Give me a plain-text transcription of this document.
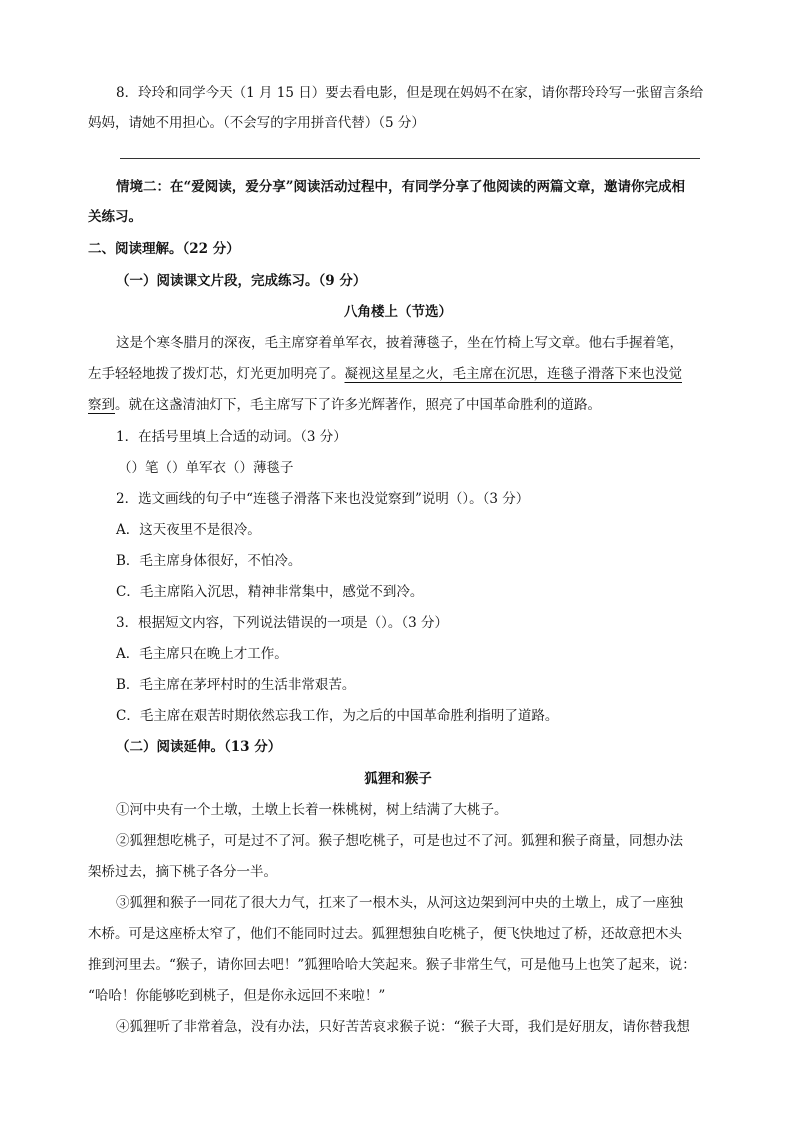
8．玲玲和同学今天（1 月 15 日）要去看电影，但是现在妈妈不在家，请你帮玲玲写一张留言条给
妈妈，请她不用担心。（不会写的字用拼音代替）（5 分）
情境二：在“爱阅读，爱分享”阅读活动过程中，有同学分享了他阅读的两篇文章，邀请你完成相
关练习。
二、阅读理解。（22 分）
（一）阅读课文片段，完成练习。（9 分）
八角楼上（节选）
这是个寒冬腊月的深夜，毛主席穿着单军衣，披着薄毯子，坐在竹椅上写文章。他右手握着笔，
左手轻轻地拨了拨灯芯，灯光更加明亮了。凝视这星星之火，毛主席在沉思，连毯子滑落下来也没觉
察到。就在这盏清油灯下，毛主席写下了许多光辉著作，照亮了中国革命胜利的道路。
1．在括号里填上合适的动词。（3 分）
（）笔（）单军衣（）薄毯子
2．选文画线的句子中“连毯子滑落下来也没觉察到”说明（）。（3 分）
A．这天夜里不是很冷。
B．毛主席身体很好，不怕冷。
C．毛主席陷入沉思，精神非常集中，感觉不到冷。
3．根据短文内容，下列说法错误的一项是（）。（3 分）
A．毛主席只在晚上才工作。
B．毛主席在茅坪村时的生活非常艰苦。
C．毛主席在艰苦时期依然忘我工作，为之后的中国革命胜利指明了道路。
（二）阅读延伸。（13 分）
狐狸和猴子
①河中央有一个土墩，土墩上长着一株桃树，树上结满了大桃子。
②狐狸想吃桃子，可是过不了河。猴子想吃桃子，可是也过不了河。狐狸和猴子商量，同想办法
架桥过去，摘下桃子各分一半。
③狐狸和猴子一同花了很大力气，扛来了一根木头，从河这边架到河中央的土墩上，成了一座独
木桥。可是这座桥太窄了，他们不能同时过去。狐狸想独自吃桃子，便飞快地过了桥，还故意把木头
推到河里去。“猴子，请你回去吧！”狐狸哈哈大笑起来。猴子非常生气，可是他马上也笑了起来，说：
“哈哈！你能够吃到桃子，但是你永远回不来啦！”
④狐狸听了非常着急，没有办法，只好苦苦哀求猴子说：“猴子大哥，我们是好朋友，请你替我想
